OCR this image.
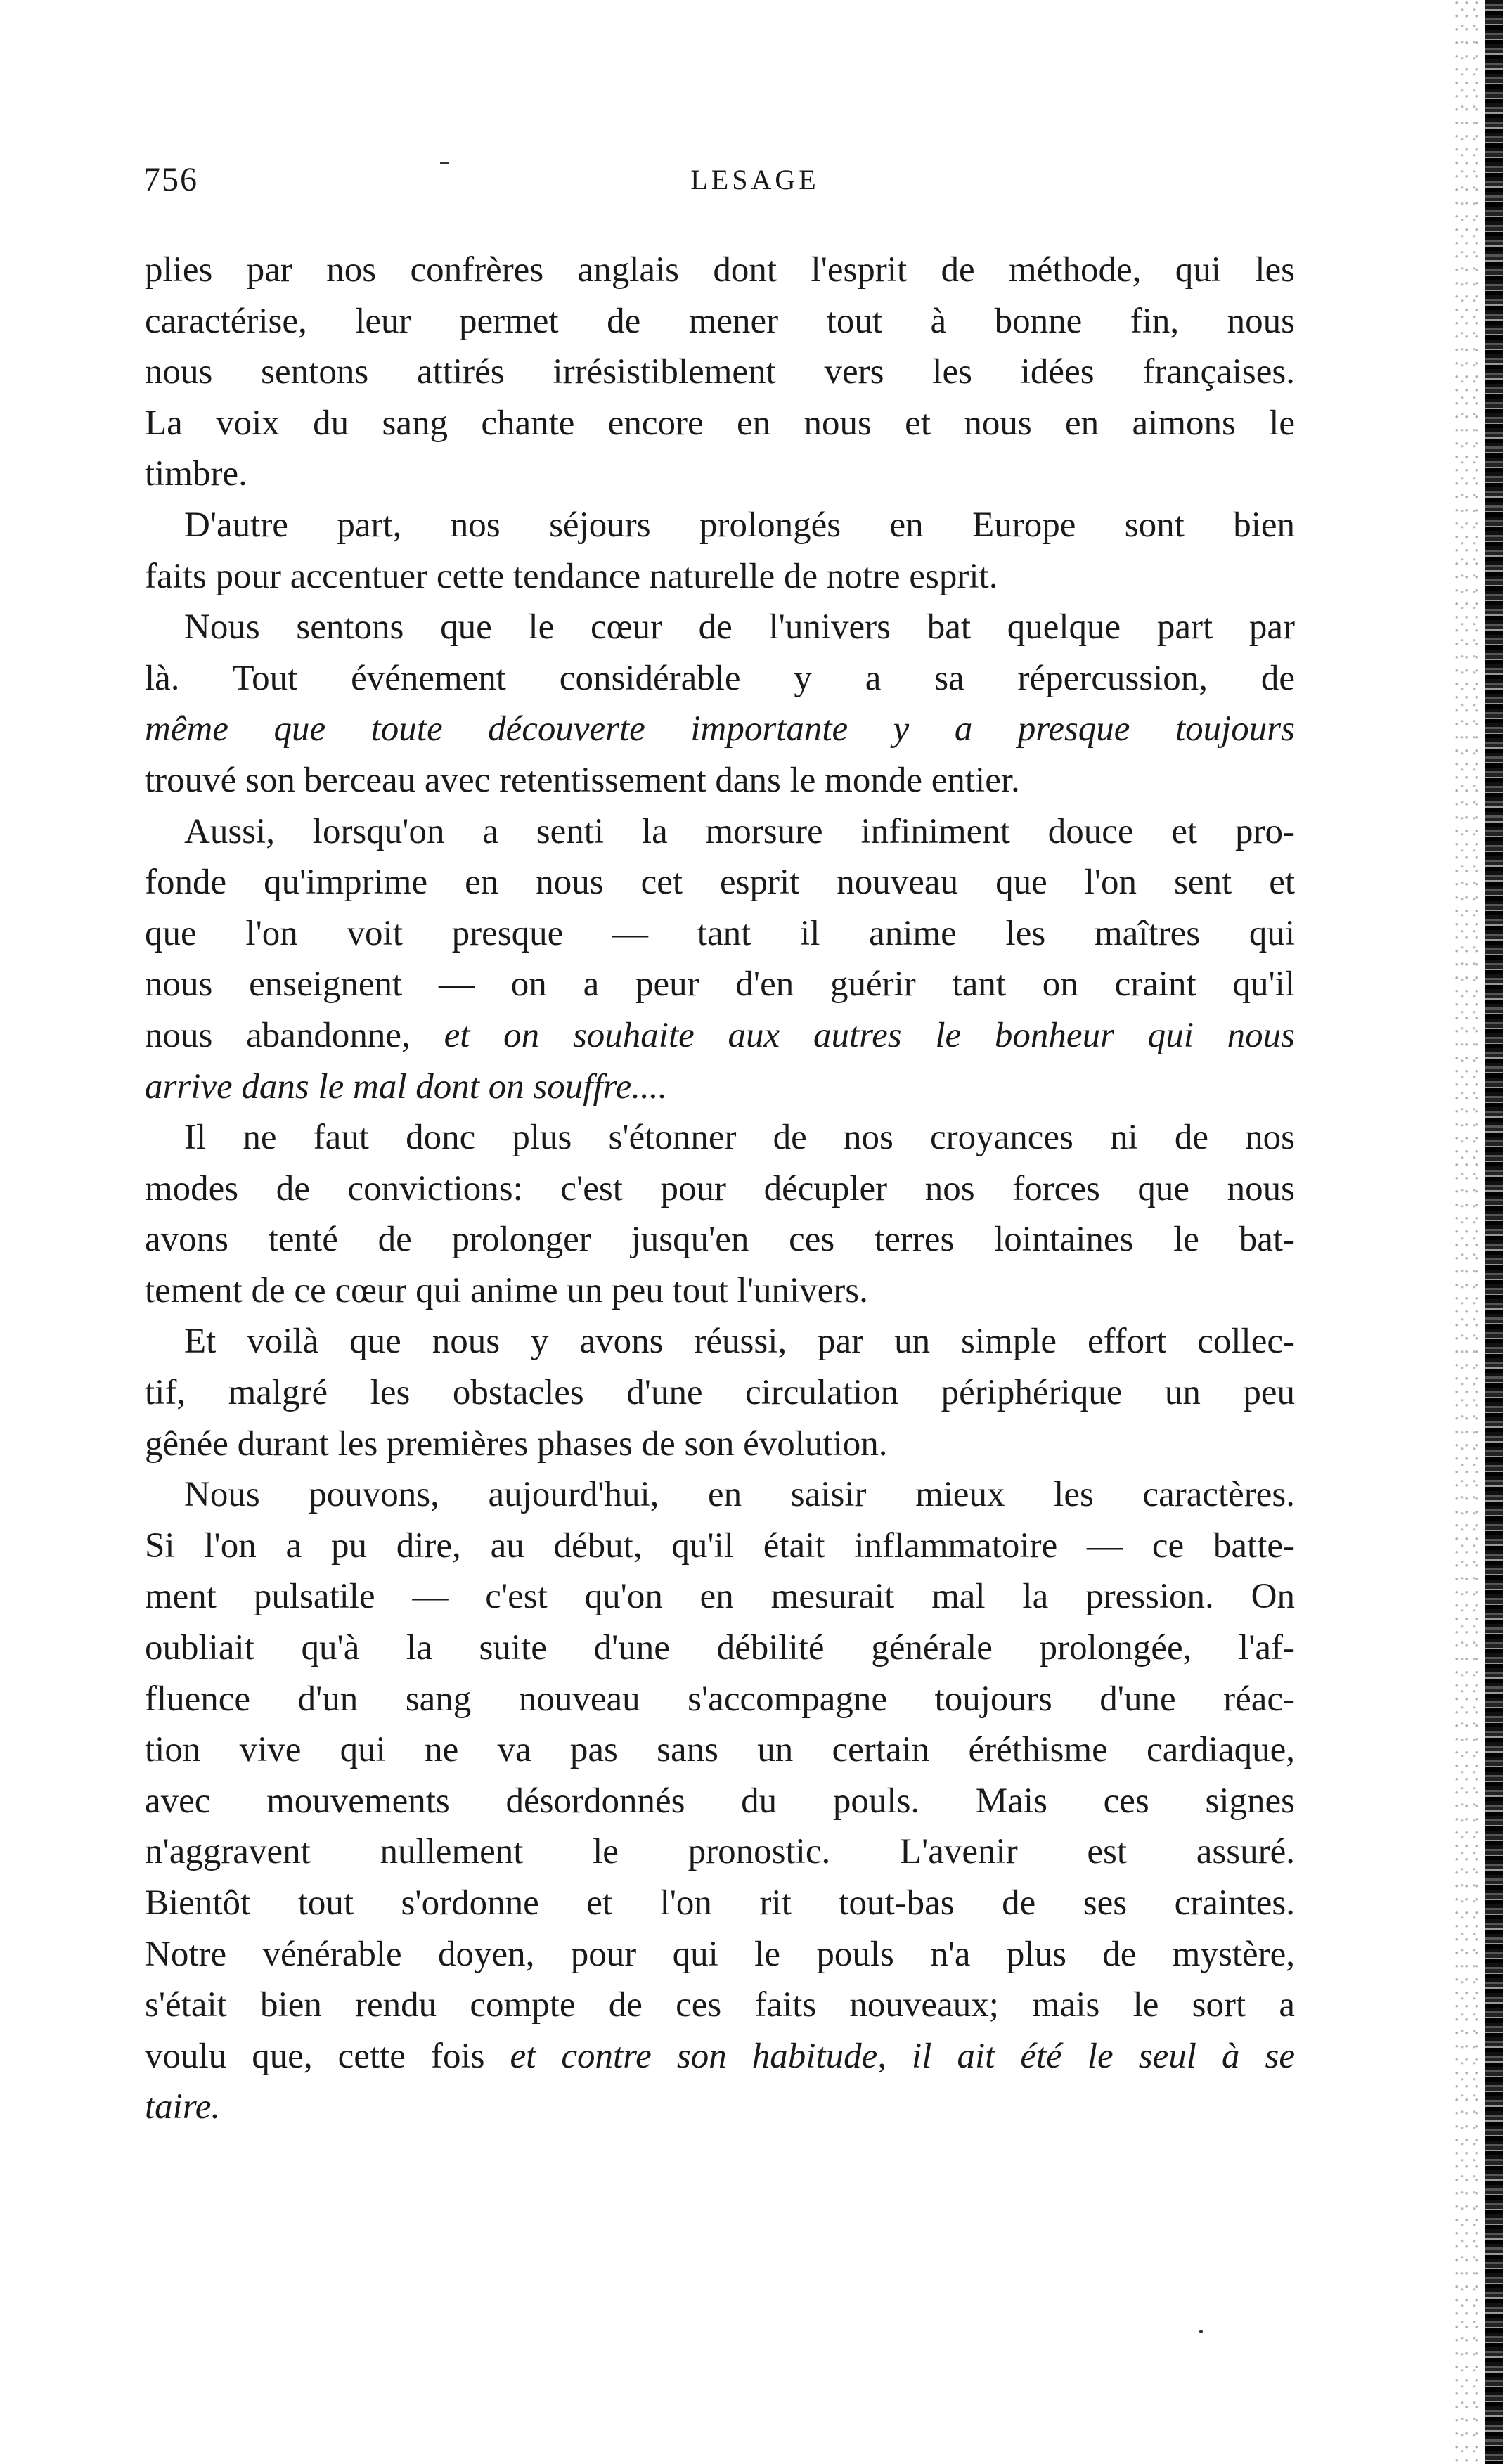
756	LESAGE
plies par nos confrères anglais dont l'esprit de méthode, qui les
caractérise, leur permet de mener tout à bonne fin, nous
nous sentons attirés irrésistiblement vers les idées françaises.
La voix du sang chante encore en nous et nous en aimons le
timbre.
D'autre part, nos séjours prolongés en Europe sont bien
faits pour accentuer cette tendance naturelle de notre esprit.
Nous sentons que le cœur de l'univers bat quelque part par
là. Tout événement considérable y a sa répercussion, de
même que toute découverte importante y a presque toujours
trouvé son berceau avec retentissement dans le monde entier.
Aussi, lorsqu'on a senti la morsure infiniment douce et pro-
fonde qu'imprime en nous cet esprit nouveau que l'on sent et
que l'on voit presque — tant il anime les maîtres qui
nous enseignent — on a peur d'en guérir tant on craint qu'il
nous abandonne, et on souhaite aux autres le bonheur qui nous
arrive dans le mal dont on souffre....
Il ne faut donc plus s'étonner de nos croyances ni de nos
modes de convictions: c'est pour décupler nos forces que nous
avons tenté de prolonger jusqu'en ces terres lointaines le bat-
tement de ce cœur qui anime un peu tout l'univers.
Et voilà que nous y avons réussi, par un simple effort collec-
tif, malgré les obstacles d'une circulation périphérique un peu
gênée durant les premières phases de son évolution.
Nous pouvons, aujourd'hui, en saisir mieux les caractères.
Si l'on a pu dire, au début, qu'il était inflammatoire — ce batte-
ment pulsatile — c'est qu'on en mesurait mal la pression. On
oubliait qu'à la suite d'une débilité générale prolongée, l'af-
fluence d'un sang nouveau s'accompagne toujours d'une réac-
tion vive qui ne va pas sans un certain éréthisme cardiaque,
avec mouvements désordonnés du pouls. Mais ces signes
n'aggravent nullement le pronostic. L'avenir est assuré.
Bientôt tout s'ordonne et l'on rit tout-bas de ses craintes.
Notre vénérable doyen, pour qui le pouls n'a plus de mystère,
s'était bien rendu compte de ces faits nouveaux; mais le sort a
voulu que, cette fois et contre son habitude, il ait été le seul à se
taire.
